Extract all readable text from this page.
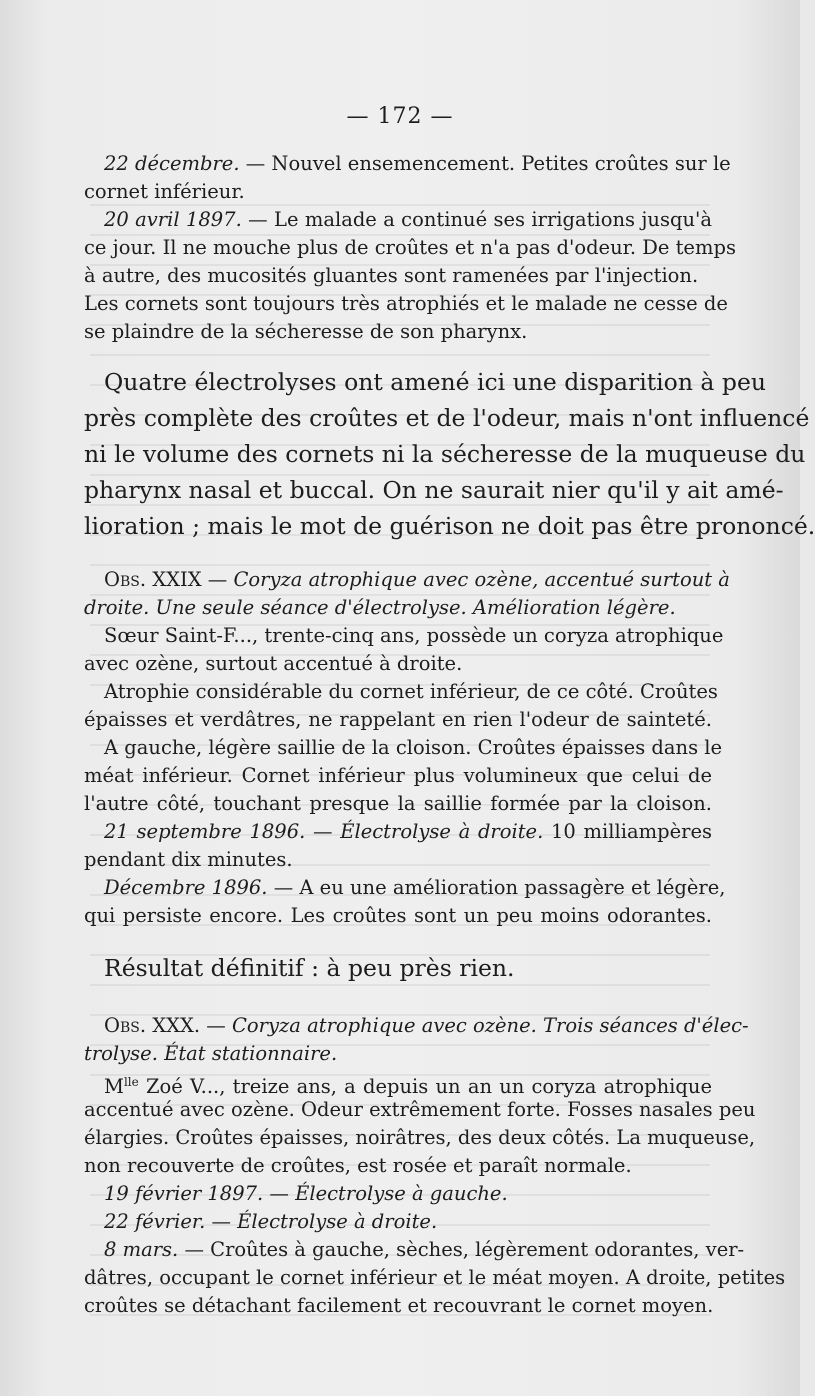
— 172 —
22 décembre. — Nouvel ensemencement. Petites croûtes sur le
cornet inférieur.
20 avril 1897. — Le malade a continué ses irrigations jusqu'à
ce jour. Il ne mouche plus de croûtes et n'a pas d'odeur. De temps
à autre, des mucosités gluantes sont ramenées par l'injection.
Les cornets sont toujours très atrophiés et le malade ne cesse de
se plaindre de la sécheresse de son pharynx.
Quatre électrolyses ont amené ici une disparition à peu
près complète des croûtes et de l'odeur, mais n'ont influencé
ni le volume des cornets ni la sécheresse de la muqueuse du
pharynx nasal et buccal. On ne saurait nier qu'il y ait amé-
lioration ; mais le mot de guérison ne doit pas être prononcé.
Obs. XXIX — Coryza atrophique avec ozène, accentué surtout à
droite. Une seule séance d'électrolyse. Amélioration légère.
Sœur Saint-F..., trente-cinq ans, possède un coryza atrophique
avec ozène, surtout accentué à droite.
Atrophie considérable du cornet inférieur, de ce côté. Croûtes
épaisses et verdâtres, ne rappelant en rien l'odeur de sainteté.
A gauche, légère saillie de la cloison. Croûtes épaisses dans le
méat inférieur. Cornet inférieur plus volumineux que celui de
l'autre côté, touchant presque la saillie formée par la cloison.
21 septembre 1896. — Électrolyse à droite. 10 milliampères
pendant dix minutes.
Décembre 1896. — A eu une amélioration passagère et légère,
qui persiste encore. Les croûtes sont un peu moins odorantes.
Résultat définitif : à peu près rien.
Obs. XXX. — Coryza atrophique avec ozène. Trois séances d'élec-
trolyse. État stationnaire.
$M^{lle}$ Zoé V..., treize ans, a depuis un an un coryza atrophique
accentué avec ozène. Odeur extrêmement forte. Fosses nasales peu
élargies. Croûtes épaisses, noirâtres, des deux côtés. La muqueuse,
non recouverte de croûtes, est rosée et paraît normale.
19 février 1897. — Électrolyse à gauche.
22 février. — Électrolyse à droite.
8 mars. — Croûtes à gauche, sèches, légèrement odorantes, ver-
dâtres, occupant le cornet inférieur et le méat moyen. A droite, petites
croûtes se détachant facilement et recouvrant le cornet moyen.
